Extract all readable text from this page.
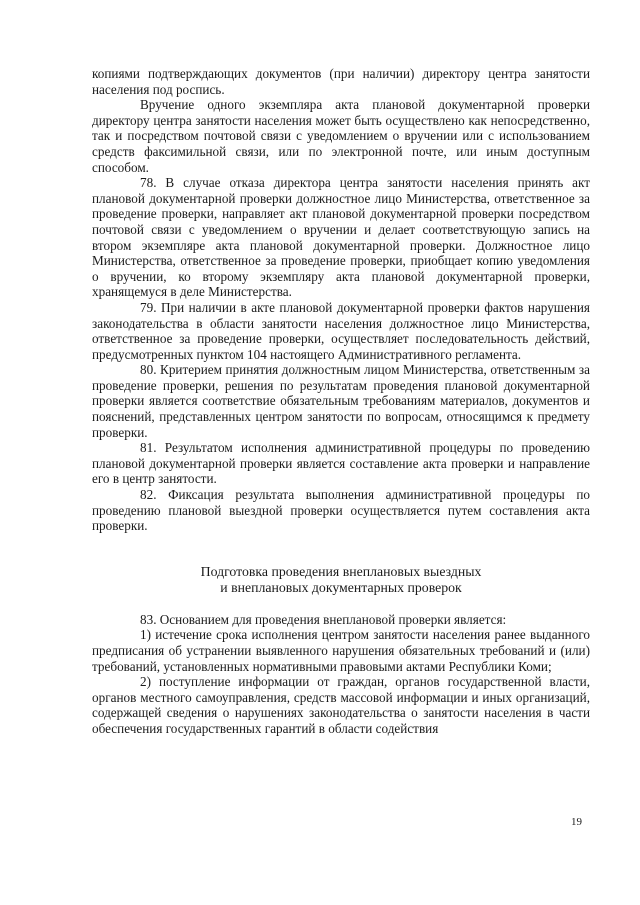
копиями подтверждающих документов (при наличии) директору центра занятости населения под роспись.

Вручение одного экземпляра акта плановой документарной проверки директору центра занятости населения может быть осуществлено как непосредственно, так и посредством почтовой связи с уведомлением о вручении или с использованием средств факсимильной связи, или по электронной почте, или иным доступным способом.

78. В случае отказа директора центра занятости населения принять акт плановой документарной проверки должностное лицо Министерства, ответственное за проведение проверки, направляет акт плановой документарной проверки посредством почтовой связи с уведомлением о вручении и делает соответствующую запись на втором экземпляре акта плановой документарной проверки. Должностное лицо Министерства, ответственное за проведение проверки, приобщает копию уведомления о вручении, ко второму экземпляру акта плановой документарной проверки, хранящемуся в деле Министерства.

79. При наличии в акте плановой документарной проверки фактов нарушения законодательства в области занятости населения должностное лицо Министерства, ответственное за проведение проверки, осуществляет последовательность действий, предусмотренных пунктом 104 настоящего Административного регламента.

80. Критерием принятия должностным лицом Министерства, ответственным за проведение проверки, решения по результатам проведения плановой документарной проверки является соответствие обязательным требованиям материалов, документов и пояснений, представленных центром занятости по вопросам, относящимся к предмету проверки.

81. Результатом исполнения административной процедуры по проведению плановой документарной проверки является составление акта проверки и направление его в центр занятости.

82. Фиксация результата выполнения административной процедуры по проведению плановой выездной проверки осуществляется путем составления акта проверки.

Подготовка проведения внеплановых выездных
и внеплановых документарных проверок

83. Основанием для проведения внеплановой проверки является:

1) истечение срока исполнения центром занятости населения ранее выданного предписания об устранении выявленного нарушения обязательных требований и (или) требований, установленных нормативными правовыми актами Республики Коми;

2) поступление информации от граждан, органов государственной власти, органов местного самоуправления, средств массовой информации и иных организаций, содержащей сведения о нарушениях законодательства о занятости населения в части обеспечения государственных гарантий в области содействия

19
